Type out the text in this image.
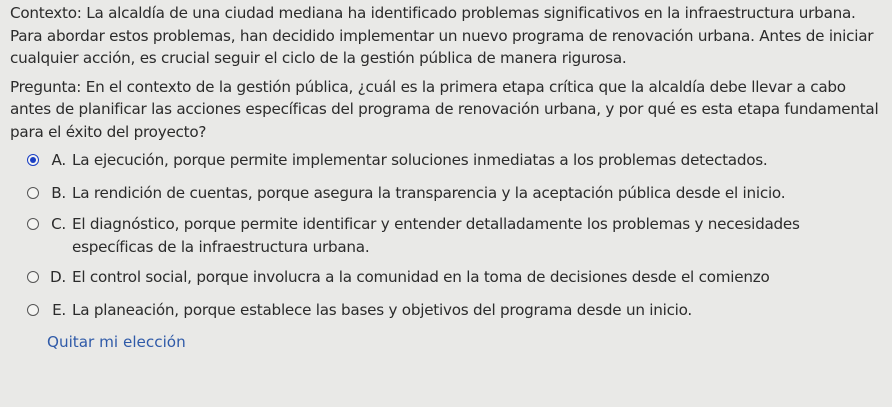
Contexto: La alcaldía de una ciudad mediana ha identificado problemas significativos en la infraestructura urbana. Para abordar estos problemas, han decidido implementar un nuevo programa de renovación urbana. Antes de iniciar cualquier acción, es crucial seguir el ciclo de la gestión pública de manera rigurosa.

Pregunta: En el contexto de la gestión pública, ¿cuál es la primera etapa crítica que la alcaldía debe llevar a cabo antes de planificar las acciones específicas del programa de renovación urbana, y por qué es esta etapa fundamental para el éxito del proyecto?

A. La ejecución, porque permite implementar soluciones inmediatas a los problemas detectados.
B. La rendición de cuentas, porque asegura la transparencia y la aceptación pública desde el inicio.
C. El diagnóstico, porque permite identificar y entender detalladamente los problemas y necesidades específicas de la infraestructura urbana.
D. El control social, porque involucra a la comunidad en la toma de decisiones desde el comienzo
E. La planeación, porque establece las bases y objetivos del programa desde un inicio.
Quitar mi elección
